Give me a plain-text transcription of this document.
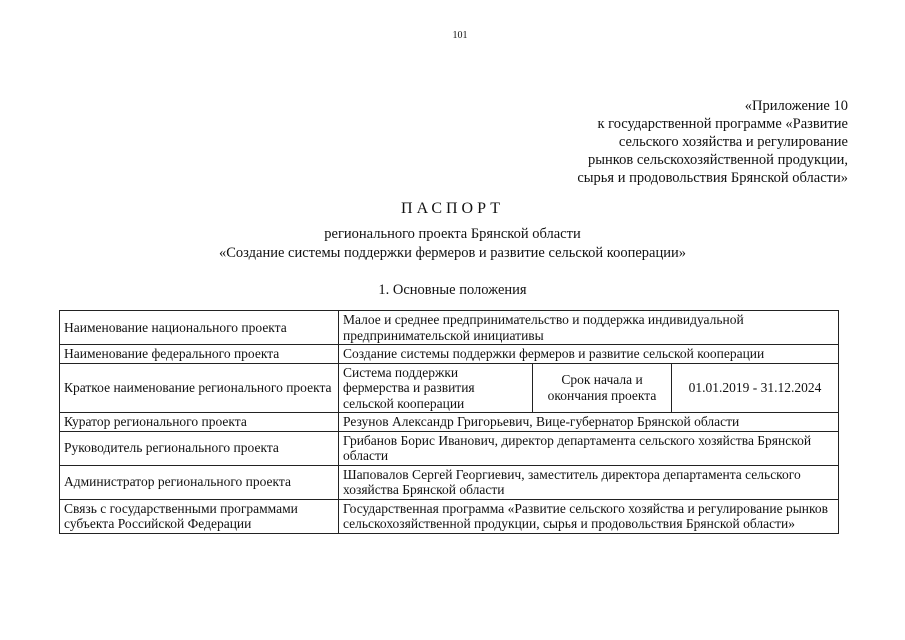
101
«Приложение 10
к государственной программе «Развитие
сельского хозяйства и регулирование
рынков сельскохозяйственной продукции,
сырья и продовольствия Брянской области»
ПАСПОРТ
регионального проекта Брянской области
«Создание системы поддержки фермеров и развитие сельской кооперации»
1. Основные положения
Наименование национального проекта	Малое и среднее предпринимательство и поддержка индивидуальной предпринимательской инициативы		
Наименование федерального проекта	Создание системы поддержки фермеров и развитие сельской кооперации		
Краткое наименование регионального проекта	Система поддержки фермерства и развития сельской кооперации	Срок начала и окончания проекта	01.01.2019 - 31.12.2024
Куратор регионального проекта	Резунов Александр Григорьевич, Вице-губернатор Брянской области		
Руководитель регионального проекта	Грибанов Борис Иванович, директор департамента сельского хозяйства Брянской области		
Администратор регионального проекта	Шаповалов Сергей Георгиевич, заместитель директора департамента сельского хозяйства Брянской области		
Связь с государственными программами субъекта Российской Федерации	Государственная программа «Развитие сельского хозяйства и регулирование рынков сельскохозяйственной продукции, сырья и продовольствия Брянской области»		
